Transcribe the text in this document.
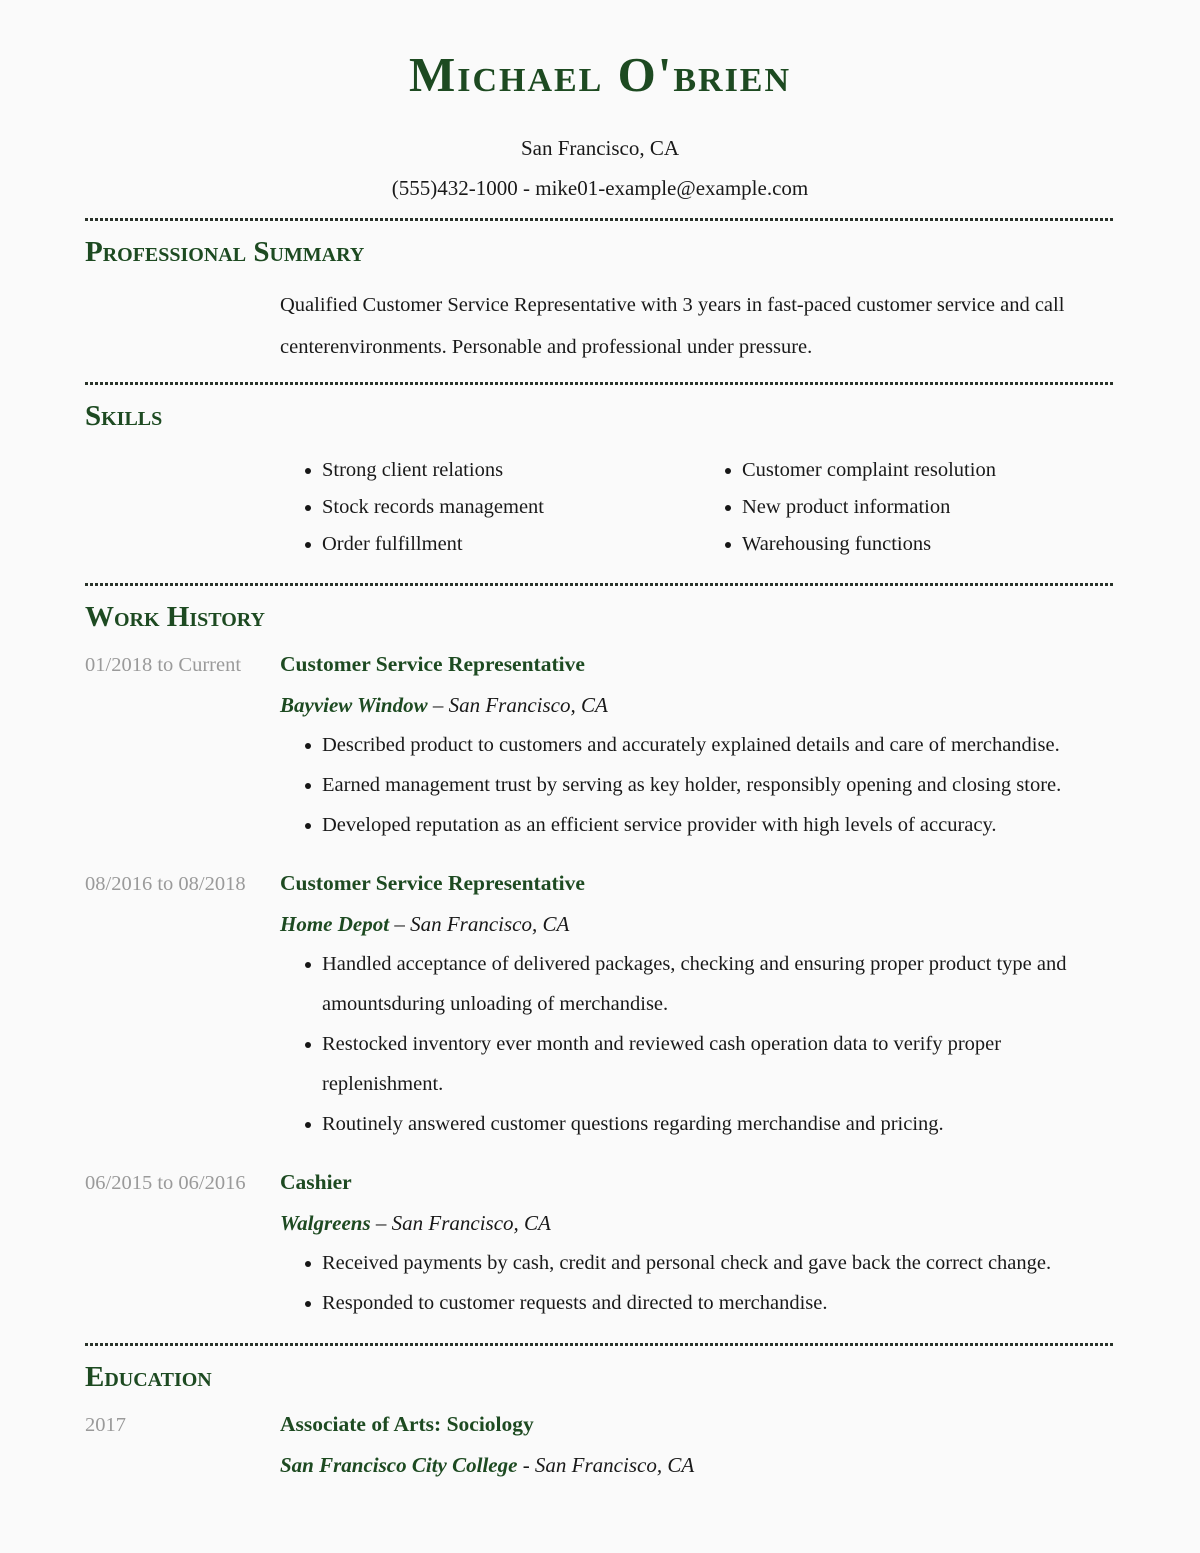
Michael O'brien
San Francisco, CA
(555)432-1000 - mike01-example@example.com
Professional Summary

Qualified Customer Service Representative with 3 years in fast-paced customer service and call centerenvironments. Personable and professional under pressure.

Skills
Strong client relations
Stock records management
Order fulfillment
Customer complaint resolution
New product information
Warehousing functions
Work History
01/2018 to Current	Customer Service Representative
Bayview Window – San Francisco, CA
Described product to customers and accurately explained details and care of merchandise.
Earned management trust by serving as key holder, responsibly opening and closing store.
Developed reputation as an efficient service provider with high levels of accuracy.
08/2016 to 08/2018	Customer Service Representative
Home Depot – San Francisco, CA
Handled acceptance of delivered packages, checking and ensuring proper product type and amountsduring unloading of merchandise.
Restocked inventory ever month and reviewed cash operation data to verify proper replenishment.
Routinely answered customer questions regarding merchandise and pricing.
06/2015 to 06/2016	Cashier
Walgreens – San Francisco, CA
Received payments by cash, credit and personal check and gave back the correct change.
Responded to customer requests and directed to merchandise.
Education
2017	Associate of Arts: Sociology
San Francisco City College - San Francisco, CA
